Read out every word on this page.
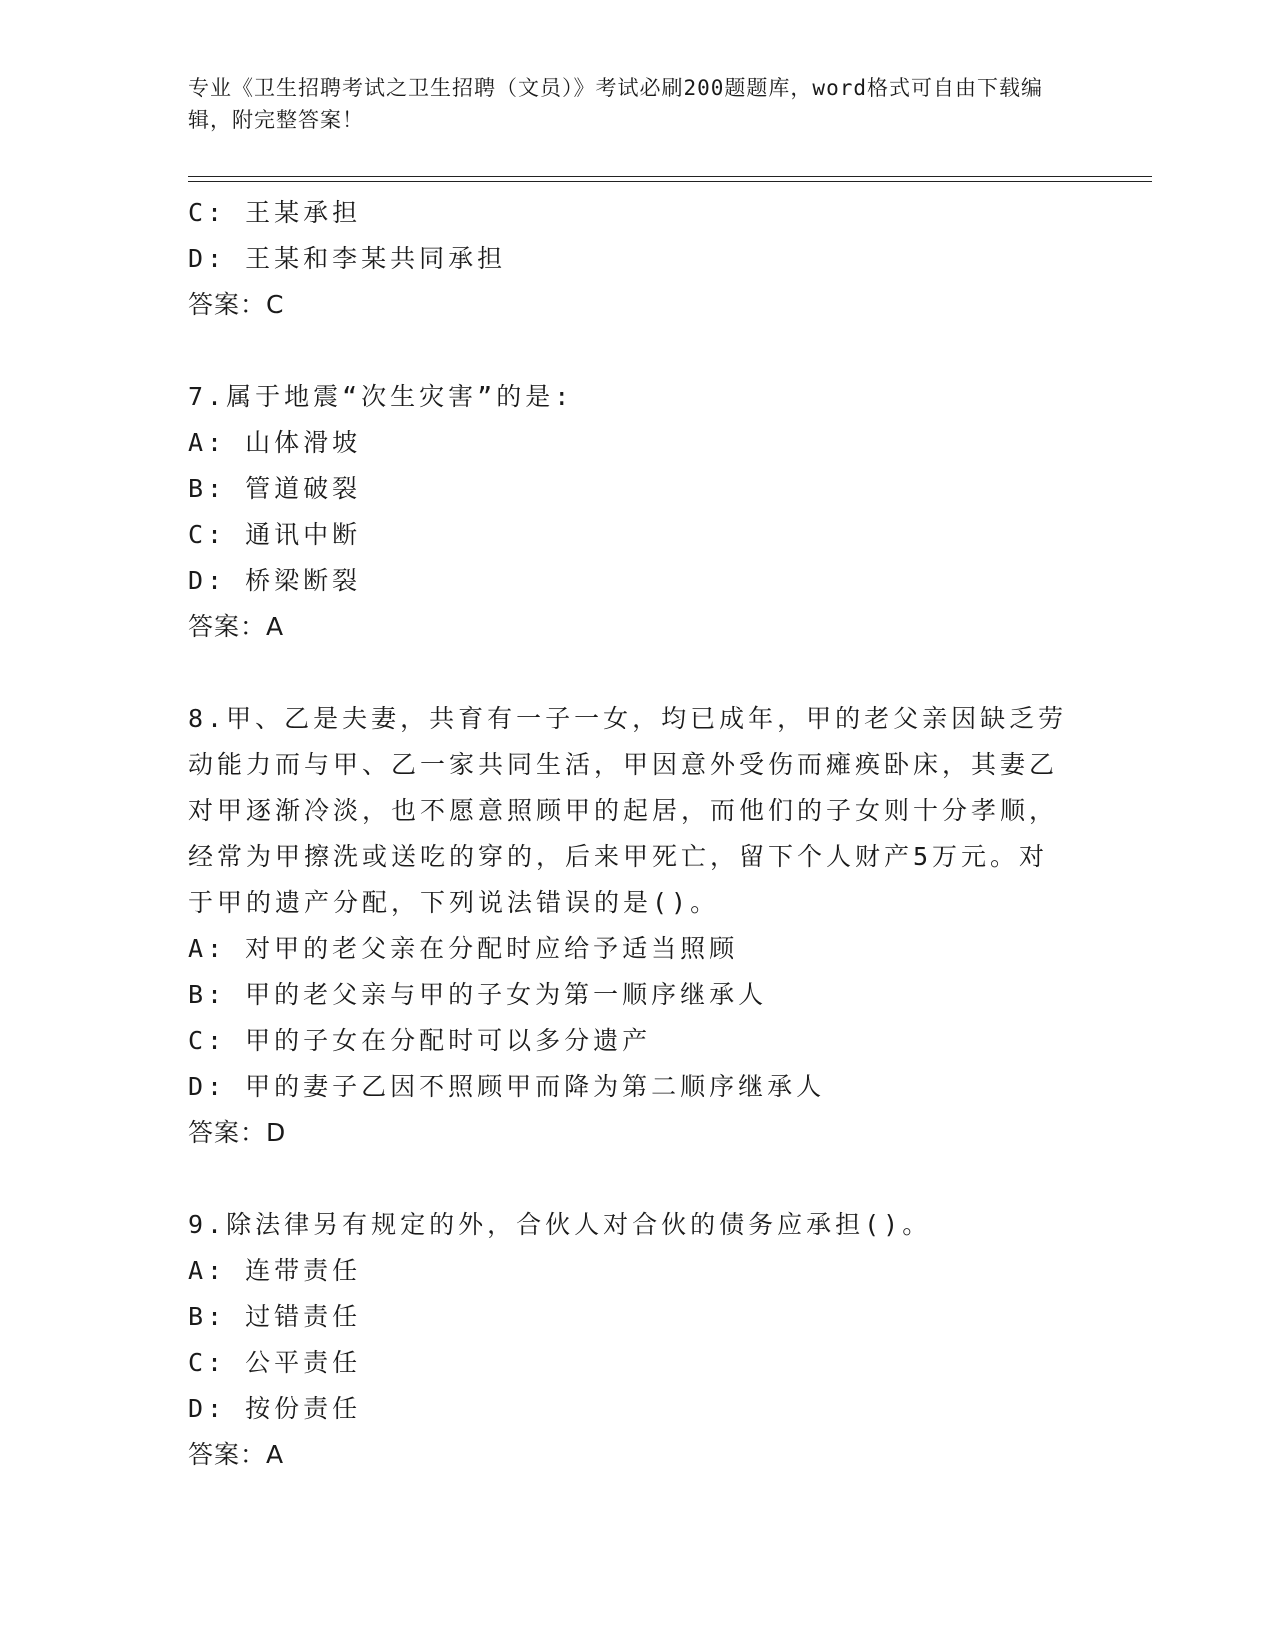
专业《卫生招聘考试之卫生招聘（文员）》考试必刷200题题库，word格式可自由下载编辑，附完整答案！
C: 王某承担
D: 王某和李某共同承担
答案：C
7.属于地震“次生灾害”的是:
A: 山体滑坡
B: 管道破裂
C: 通讯中断
D: 桥梁断裂
答案：A
8.甲、乙是夫妻，共育有一子一女，均已成年，甲的老父亲因缺乏劳
动能力而与甲、乙一家共同生活，甲因意外受伤而瘫痪卧床，其妻乙
对甲逐渐冷淡，也不愿意照顾甲的起居，而他们的子女则十分孝顺，
经常为甲擦洗或送吃的穿的，后来甲死亡，留下个人财产5万元。对
于甲的遗产分配，下列说法错误的是()。
A: 对甲的老父亲在分配时应给予适当照顾
B: 甲的老父亲与甲的子女为第一顺序继承人
C: 甲的子女在分配时可以多分遗产
D: 甲的妻子乙因不照顾甲而降为第二顺序继承人
答案：D
9.除法律另有规定的外，合伙人对合伙的债务应承担()。
A: 连带责任
B: 过错责任
C: 公平责任
D: 按份责任
答案：A
